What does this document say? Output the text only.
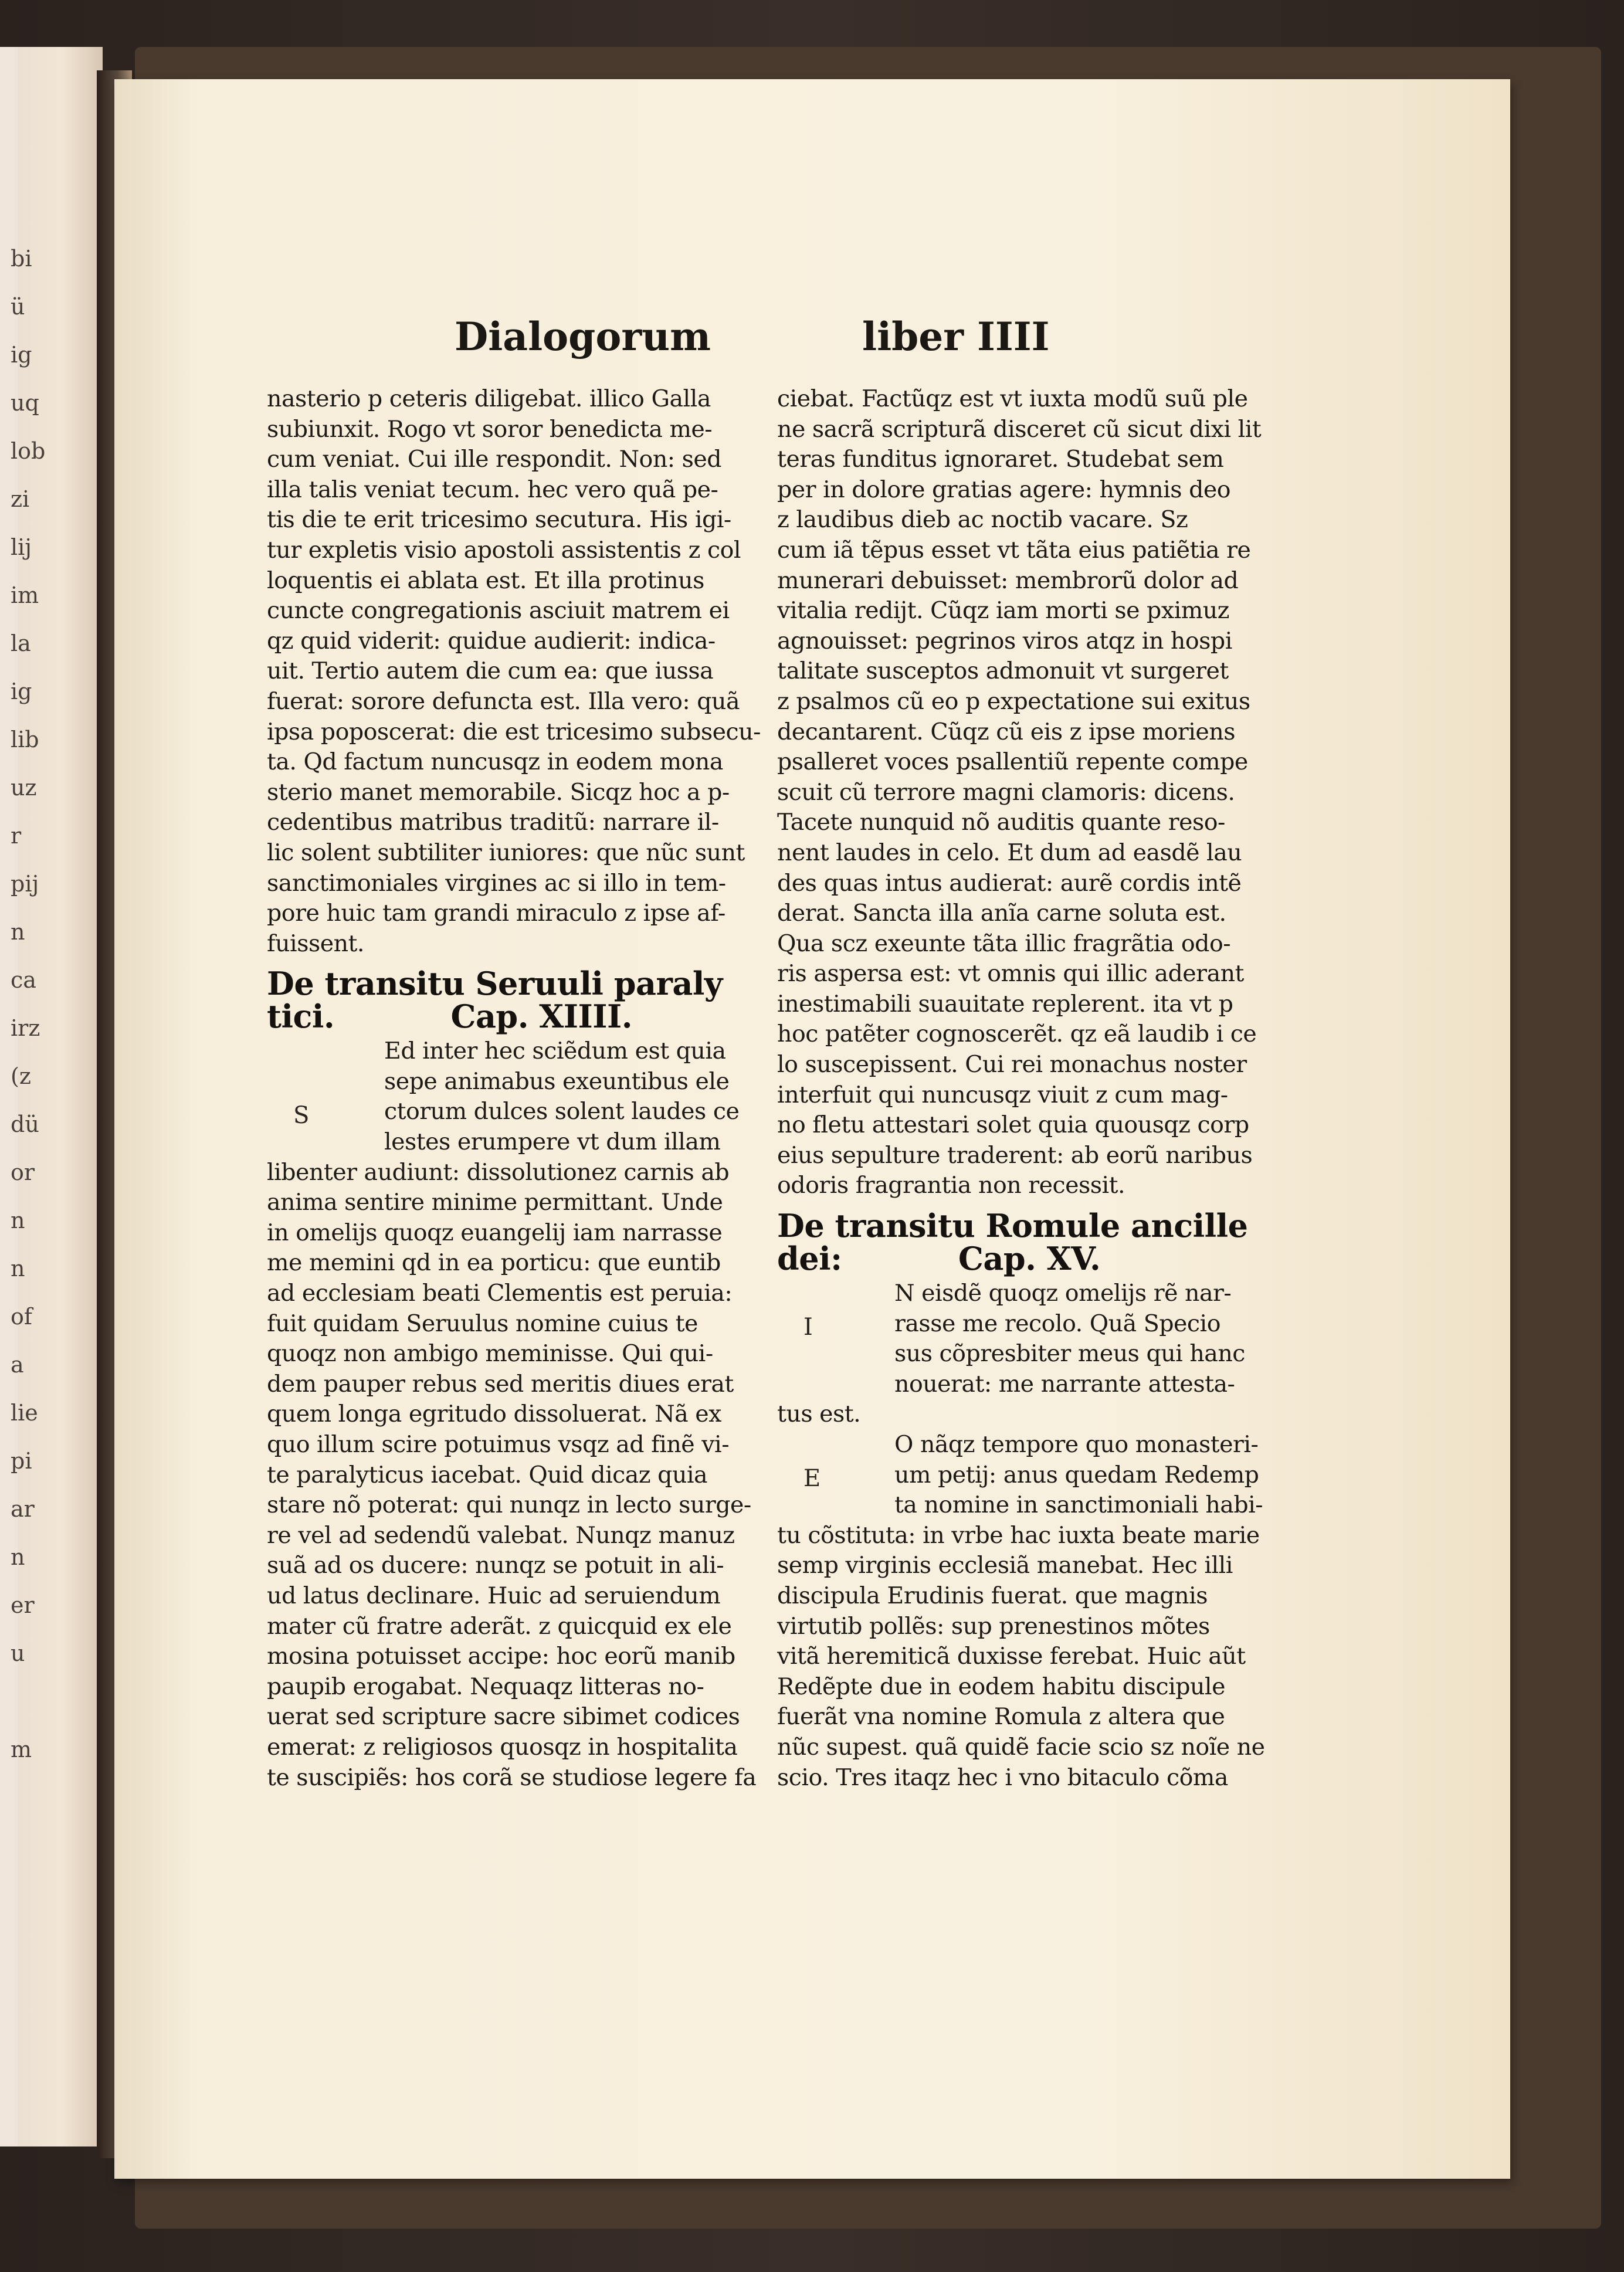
bi
ü
ig
uq
lob
zi
lij
im
la
ig
lib
uz
r
pij
n
ca
irz
(z
dü
or
n
n
of
a
lie
pi
ar
n
er
u

m

Dialogorum	liber IIII
nasterio p ceteris diligebat. illico Galla
subiunxit. Rogo vt soror benedicta me-
cum veniat. Cui ille respondit. Non: sed
illa talis veniat tecum. hec vero quã pe-
tis die te erit tricesimo secutura. His igi-
tur expletis visio apostoli assistentis z col
loquentis ei ablata est. Et illa protinus
cuncte congregationis asciuit matrem ei
qz quid viderit: quidue audierit: indica-
uit. Tertio autem die cum ea: que iussa
fuerat: sorore defuncta est. Illa vero: quã
ipsa poposcerat: die est tricesimo subsecu-
ta. Qd factum nuncusqz in eodem mona
sterio manet memorabile. Sicqz hoc a p-
cedentibus matribus traditũ: narrare il-
lic solent subtiliter iuniores: que nũc sunt
sanctimoniales virgines ac si illo in tem-
pore huic tam grandi miraculo z ipse af-
fuissent.
De transitu Seruuli paraly
tici.	Cap. XIIII.
S
Ed inter hec sciẽdum est quia
sepe animabus exeuntibus ele
ctorum dulces solent laudes ce
lestes erumpere vt dum illam
libenter audiunt: dissolutionez carnis ab
anima sentire minime permittant. Unde
in omelijs quoqz euangelij iam narrasse
me memini qd in ea porticu: que euntib
ad ecclesiam beati Clementis est peruia:
fuit quidam Seruulus nomine cuius te
quoqz non ambigo meminisse. Qui qui-
dem pauper rebus sed meritis diues erat
quem longa egritudo dissoluerat. Nã ex
quo illum scire potuimus vsqz ad finẽ vi-
te paralyticus iacebat. Quid dicaz quia
stare nõ poterat: qui nunqz in lecto surge-
re vel ad sedendũ valebat. Nunqz manuz
suã ad os ducere: nunqz se potuit in ali-
ud latus declinare. Huic ad seruiendum
mater cũ fratre aderãt. z quicquid ex ele
mosina potuisset accipe: hoc eorũ manib
paupib erogabat. Nequaqz litteras no-
uerat sed scripture sacre sibimet codices
emerat: z religiosos quosqz in hospitalita
te suscipiẽs: hos corã se studiose legere fa
ciebat. Factũqz est vt iuxta modũ suũ ple
ne sacrã scripturã disceret cũ sicut dixi lit
teras funditus ignoraret. Studebat sem
per in dolore gratias agere: hymnis deo
z laudibus dieb ac noctib vacare. Sz
cum iã tẽpus esset vt tãta eius patiẽtia re
munerari debuisset: membrorũ dolor ad
vitalia redijt. Cũqz iam morti se pximuz
agnouisset: pegrinos viros atqz in hospi
talitate susceptos admonuit vt surgeret
z psalmos cũ eo p expectatione sui exitus
decantarent. Cũqz cũ eis z ipse moriens
psalleret voces psallentiũ repente compe
scuit cũ terrore magni clamoris: dicens.
Tacete nunquid nõ auditis quante reso-
nent laudes in celo. Et dum ad easdẽ lau
des quas intus audierat: aurẽ cordis intẽ
derat. Sancta illa anĩa carne soluta est.
Qua scz exeunte tãta illic fragrãtia odo-
ris aspersa est: vt omnis qui illic aderant
inestimabili suauitate replerent. ita vt p
hoc patẽter cognoscerẽt. qz eã laudib i ce
lo suscepissent. Cui rei monachus noster
interfuit qui nuncusqz viuit z cum mag-
no fletu attestari solet quia quousqz corp
eius sepulture traderent: ab eorũ naribus
odoris fragrantia non recessit.
De transitu Romule ancille
dei:	Cap. XV.
I
N eisdẽ quoqz omelijs rẽ nar-
rasse me recolo. Quã Specio
sus cõpresbiter meus qui hanc
nouerat: me narrante attesta-
tus est.
E
O nãqz tempore quo monasteri-
um petij: anus quedam Redemp
ta nomine in sanctimoniali habi-
tu cõstituta: in vrbe hac iuxta beate marie
semp virginis ecclesiã manebat. Hec illi
discipula Erudinis fuerat. que magnis
virtutib pollẽs: sup prenestinos mõtes
vitã heremiticã duxisse ferebat. Huic aũt
Redẽpte due in eodem habitu discipule
fuerãt vna nomine Romula z altera que
nũc supest. quã quidẽ facie scio sz noĩe ne
scio. Tres itaqz hec i vno bitaculo cõma
